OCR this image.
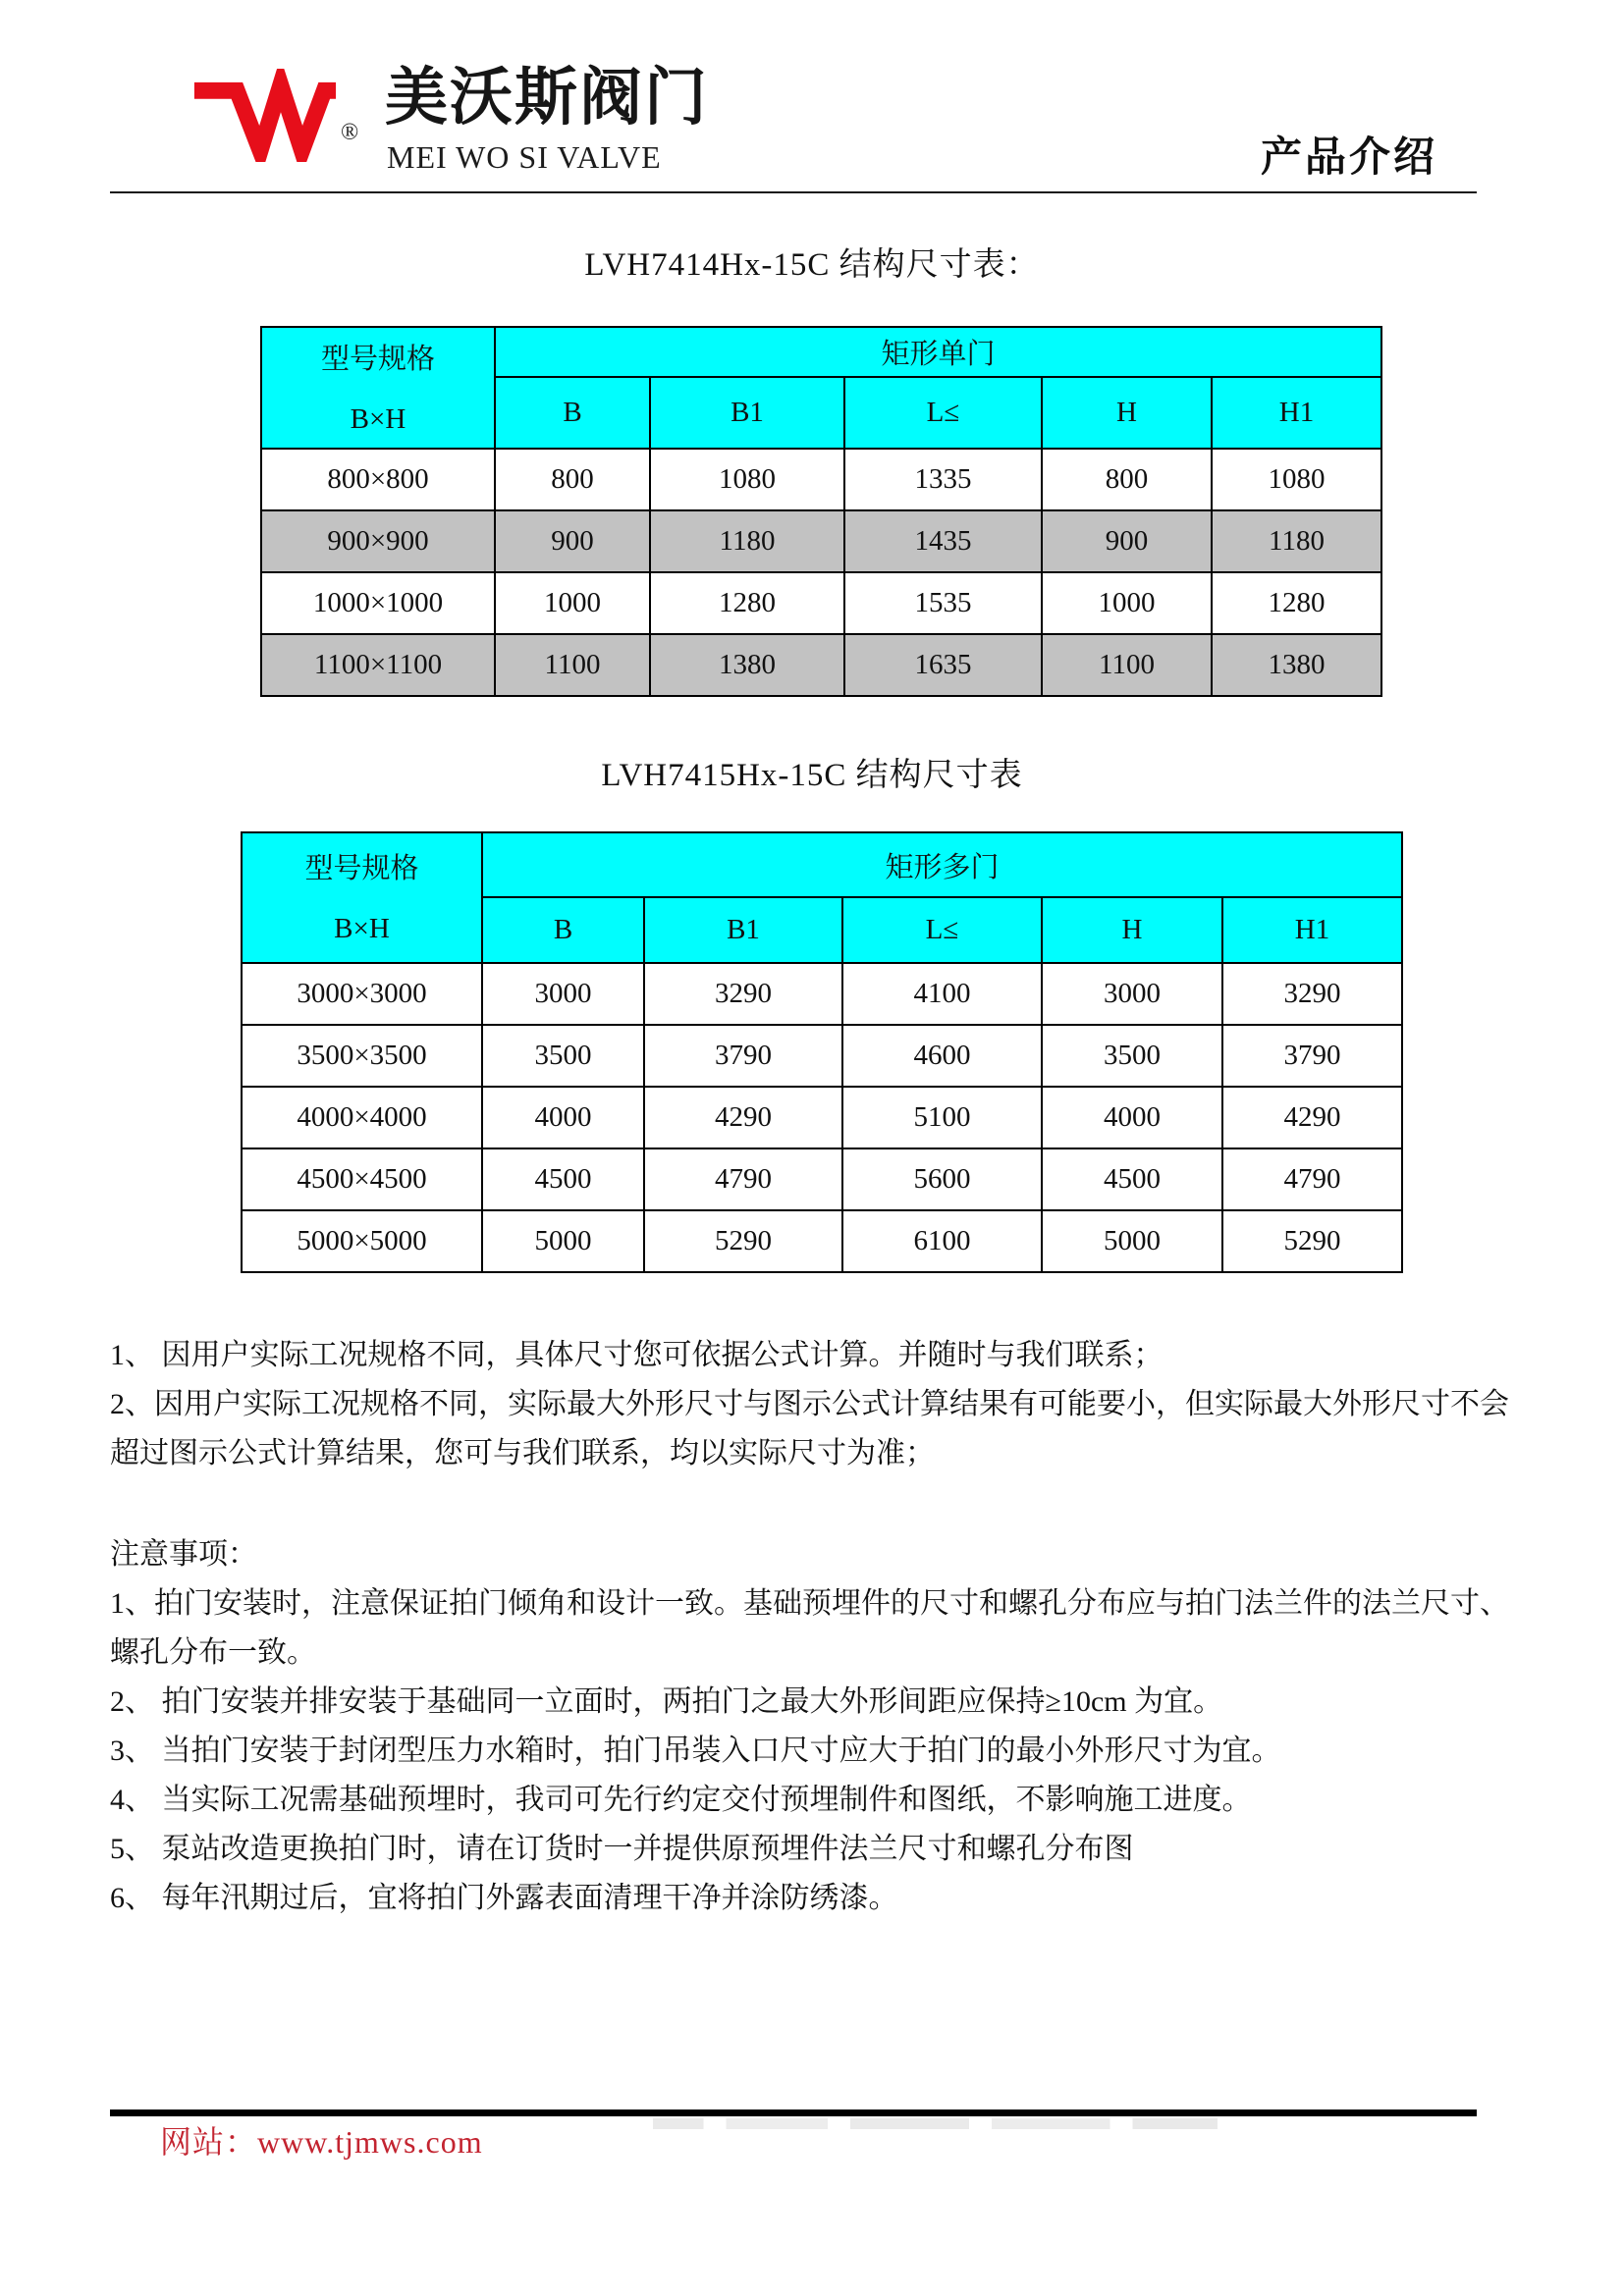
® 美沃斯阀门
MEI WO SI VALVE	产品介绍
LVH7414Hx-15C 结构尺寸表：
型号规格
B×H	矩形单门				
	B	B1	L≤	H	H1
800×800	800	1080	1335	800	1080
900×900	900	1180	1435	900	1180
1000×1000	1000	1280	1535	1000	1280
1100×1100	1100	1380	1635	1100	1380
LVH7415Hx-15C 结构尺寸表
型号规格
B×H	矩形多门				
	B	B1	L≤	H	H1
3000×3000	3000	3290	4100	3000	3290
3500×3500	3500	3790	4600	3500	3790
4000×4000	4000	4290	5100	4000	4290
4500×4500	4500	4790	5600	4500	4790
5000×5000	5000	5290	6100	5000	5290

1、 因用户实际工况规格不同，具体尺寸您可依据公式计算。并随时与我们联系；

2、因用户实际工况规格不同，实际最大外形尺寸与图示公式计算结果有可能要小，但实际最大外形尺寸不会超过图示公式计算结果，您可与我们联系，均以实际尺寸为准；

注意事项：

1、拍门安装时，注意保证拍门倾角和设计一致。基础预埋件的尺寸和螺孔分布应与拍门法兰件的法兰尺寸、螺孔分布一致。

2、 拍门安装并排安装于基础同一立面时，两拍门之最大外形间距应保持≥10cm 为宜。

3、 当拍门安装于封闭型压力水箱时，拍门吊装入口尺寸应大于拍门的最小外形尺寸为宜。

4、 当实际工况需基础预埋时，我司可先行约定交付预埋制件和图纸，不影响施工进度。

5、 泵站改造更换拍门时，请在订货时一并提供原预埋件法兰尺寸和螺孔分布图

6、 每年汛期过后，宜将拍门外露表面清理干净并涂防绣漆。

网站：www.tjmws.com
